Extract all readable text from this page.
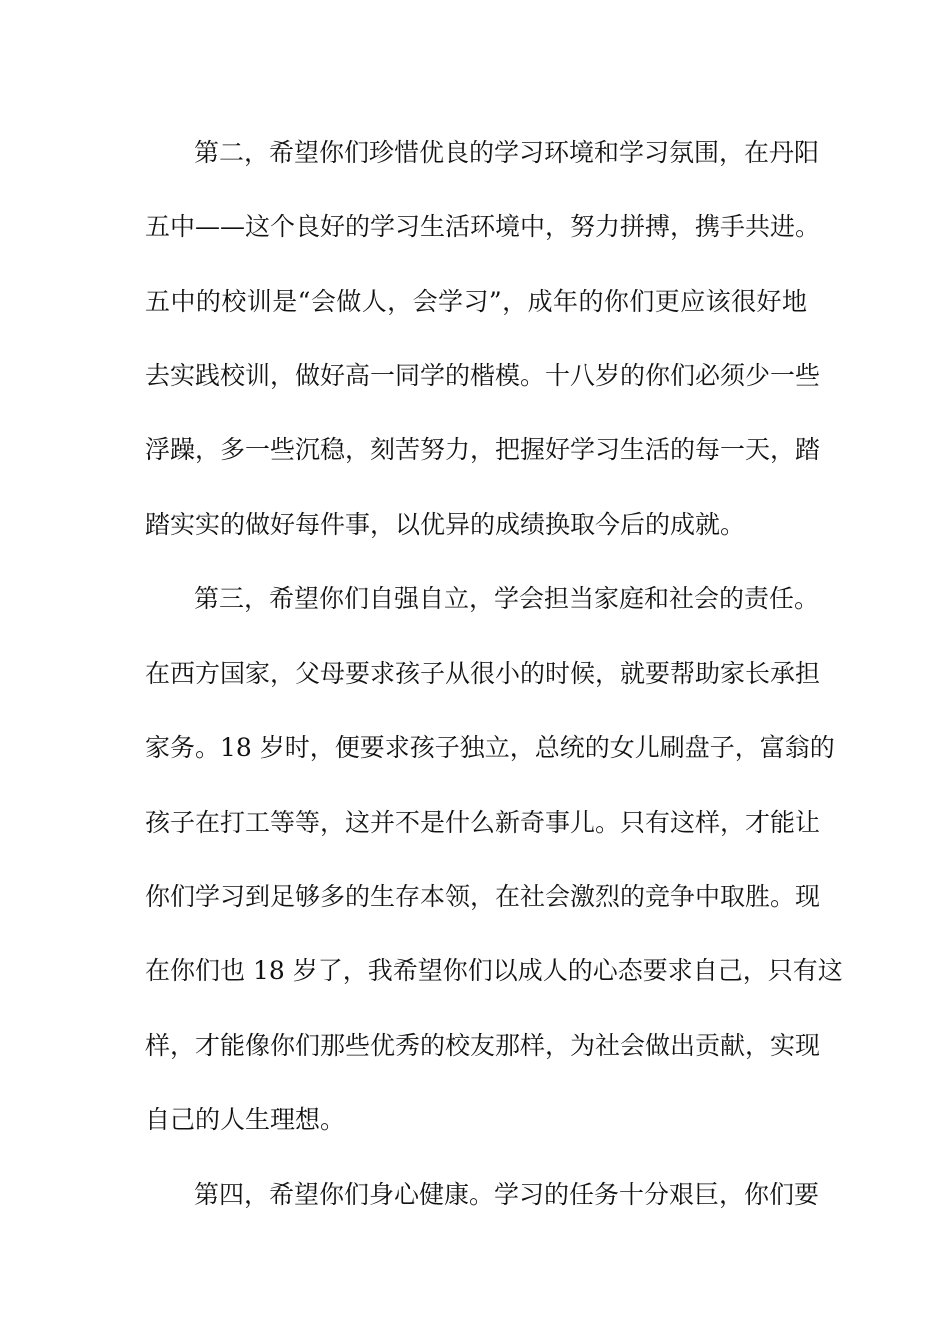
第二，希望你们珍惜优良的学习环境和学习氛围，在丹阳
五中——这个良好的学习生活环境中，努力拼搏，携手共进。
五中的校训是“会做人，会学习”，成年的你们更应该很好地
去实践校训，做好高一同学的楷模。十八岁的你们必须少一些
浮躁，多一些沉稳，刻苦努力，把握好学习生活的每一天，踏
踏实实的做好每件事，以优异的成绩换取今后的成就。
第三，希望你们自强自立，学会担当家庭和社会的责任。
在西方国家，父母要求孩子从很小的时候，就要帮助家长承担
家务。18 岁时，便要求孩子独立，总统的女儿刷盘子，富翁的
孩子在打工等等，这并不是什么新奇事儿。只有这样，才能让
你们学习到足够多的生存本领，在社会激烈的竞争中取胜。现
在你们也 18 岁了，我希望你们以成人的心态要求自己，只有这
样，才能像你们那些优秀的校友那样，为社会做出贡献，实现
自己的人生理想。
第四，希望你们身心健康。学习的任务十分艰巨，你们要
